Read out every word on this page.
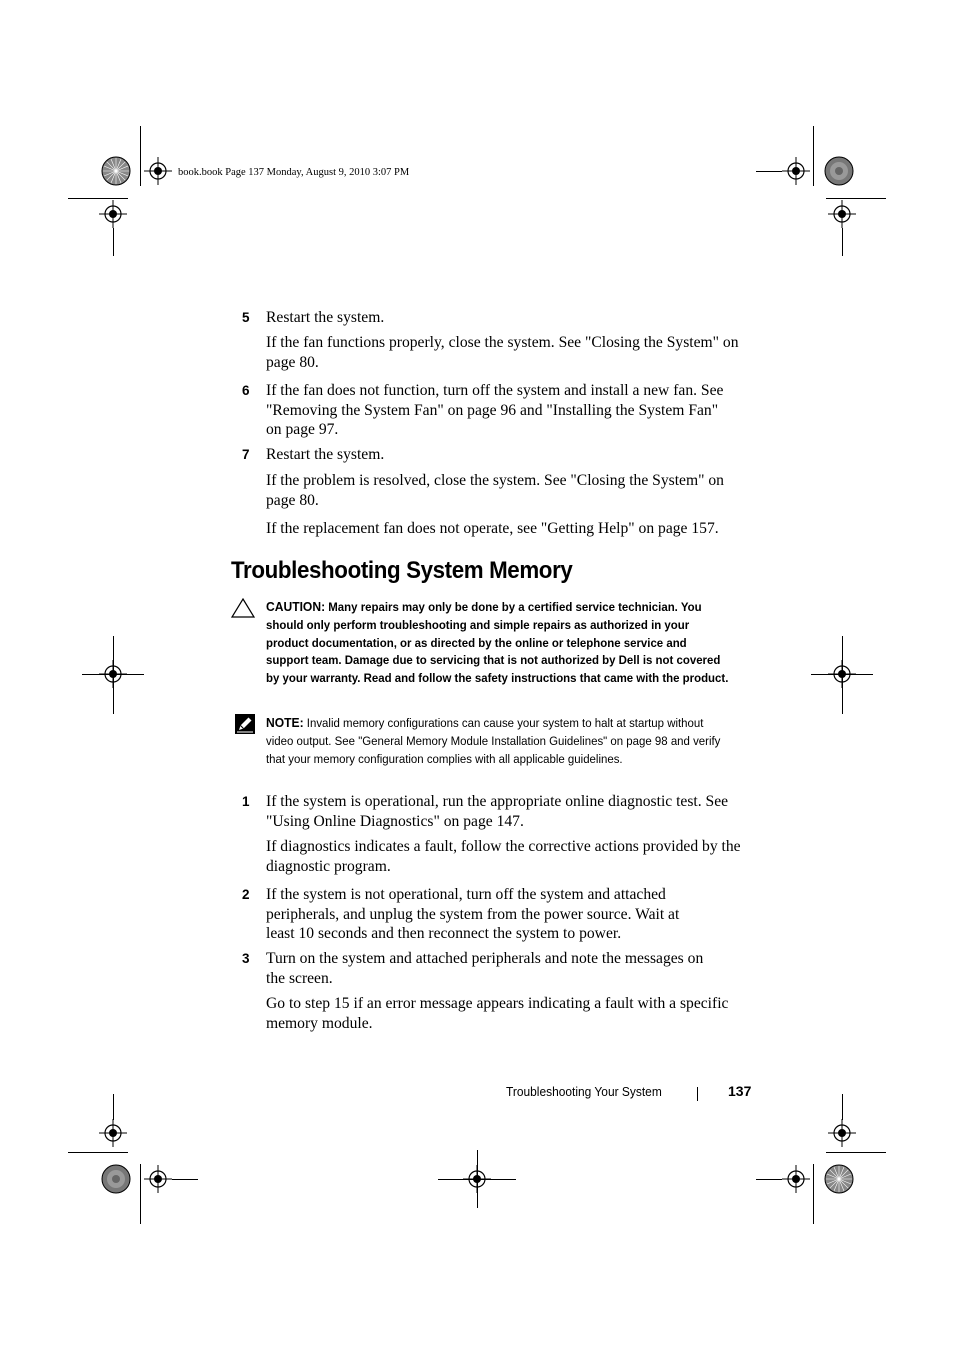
book.book Page 137 Monday, August 9, 2010 3:07 PM
5 Restart the system.
If the fan functions properly, close the system. See "Closing the System" on page 80.
6 If the fan does not function, turn off the system and install a new fan. See "Removing the System Fan" on page 96 and "Installing the System Fan" on page 97.
7 Restart the system.
If the problem is resolved, close the system. See "Closing the System" on page 80.
If the replacement fan does not operate, see "Getting Help" on page 157.
Troubleshooting System Memory
CAUTION: Many repairs may only be done by a certified service technician. You should only perform troubleshooting and simple repairs as authorized in your product documentation, or as directed by the online or telephone service and support team. Damage due to servicing that is not authorized by Dell is not covered by your warranty. Read and follow the safety instructions that came with the product.
NOTE: Invalid memory configurations can cause your system to halt at startup without video output. See "General Memory Module Installation Guidelines" on page 98 and verify that your memory configuration complies with all applicable guidelines.
1 If the system is operational, run the appropriate online diagnostic test. See "Using Online Diagnostics" on page 147.
If diagnostics indicates a fault, follow the corrective actions provided by the diagnostic program.
2 If the system is not operational, turn off the system and attached peripherals, and unplug the system from the power source. Wait at least 10 seconds and then reconnect the system to power.
3 Turn on the system and attached peripherals and note the messages on the screen.
Go to step 15 if an error message appears indicating a fault with a specific memory module.
Troubleshooting Your System	137
